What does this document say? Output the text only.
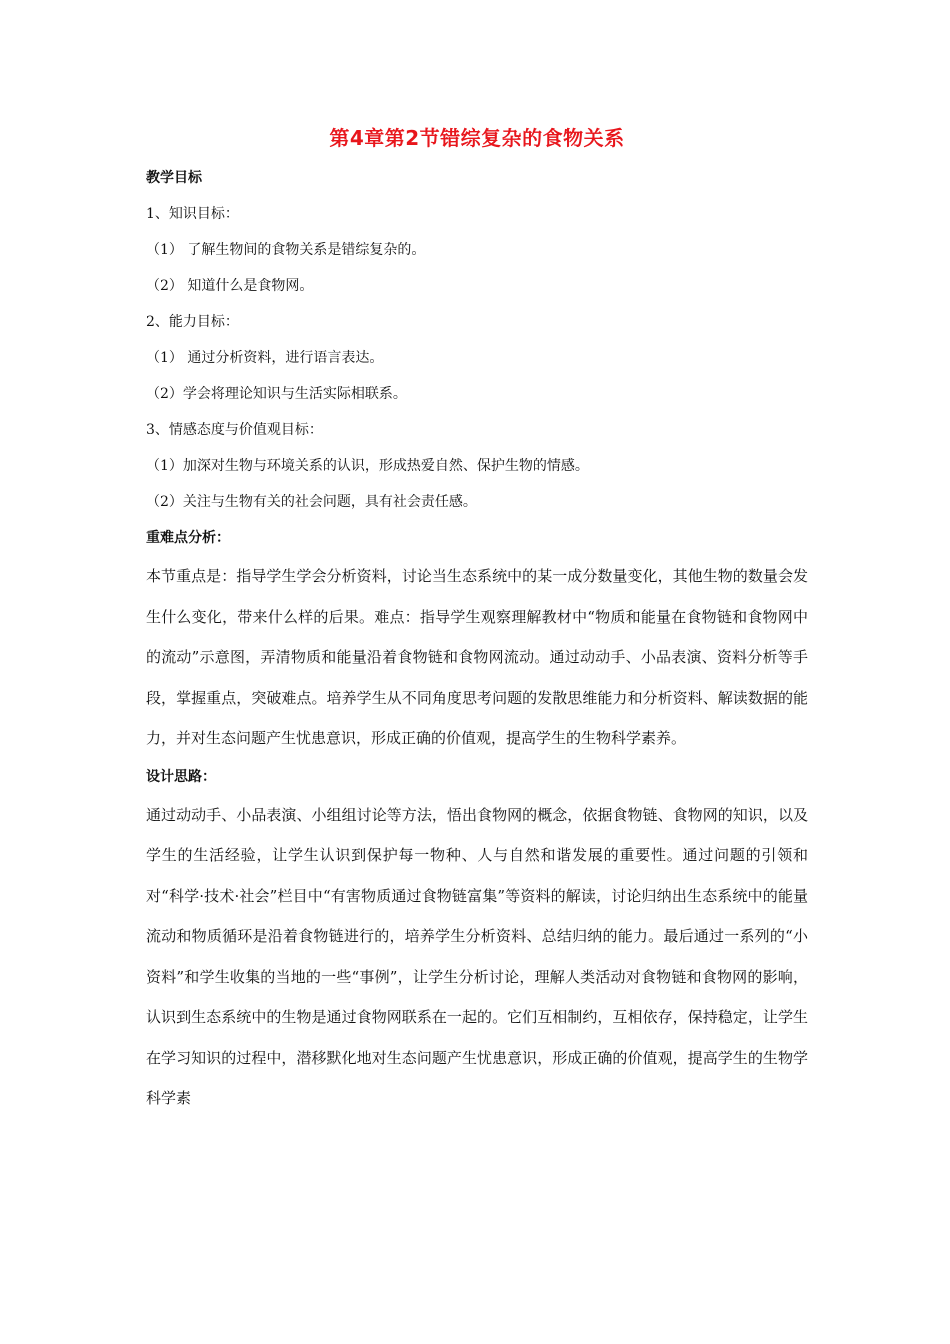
第4章第2节错综复杂的食物关系
教学目标
1、知识目标：
（1） 了解生物间的食物关系是错综复杂的。
（2） 知道什么是食物网。
2、能力目标：
（1） 通过分析资料，进行语言表达。
（2）学会将理论知识与生活实际相联系。
3、情感态度与价值观目标：
（1）加深对生物与环境关系的认识，形成热爱自然、保护生物的情感。
（2）关注与生物有关的社会问题，具有社会责任感。
重难点分析：

本节重点是：指导学生学会分析资料，讨论当生态系统中的某一成分数量变化，其他生物的数量会发生什么变化，带来什么样的后果。难点：指导学生观察理解教材中“物质和能量在食物链和食物网中的流动”示意图，弄清物质和能量沿着食物链和食物网流动。通过动动手、小品表演、资料分析等手段，掌握重点，突破难点。培养学生从不同角度思考问题的发散思维能力和分析资料、解读数据的能力，并对生态问题产生忧患意识，形成正确的价值观，提高学生的生物科学素养。

设计思路：

通过动动手、小品表演、小组组讨论等方法，悟出食物网的概念，依据食物链、食物网的知识，以及学生的生活经验，让学生认识到保护每一物种、人与自然和谐发展的重要性。通过问题的引领和对“科学·技术·社会”栏目中“有害物质通过食物链富集”等资料的解读，讨论归纳出生态系统中的能量流动和物质循环是沿着食物链进行的，培养学生分析资料、总结归纳的能力。最后通过一系列的“小资料”和学生收集的当地的一些“事例”，让学生分析讨论，理解人类活动对食物链和食物网的影响，认识到生态系统中的生物是通过食物网联系在一起的。它们互相制约，互相依存，保持稳定，让学生在学习知识的过程中，潜移默化地对生态问题产生忧患意识，形成正确的价值观，提高学生的生物学科学素
